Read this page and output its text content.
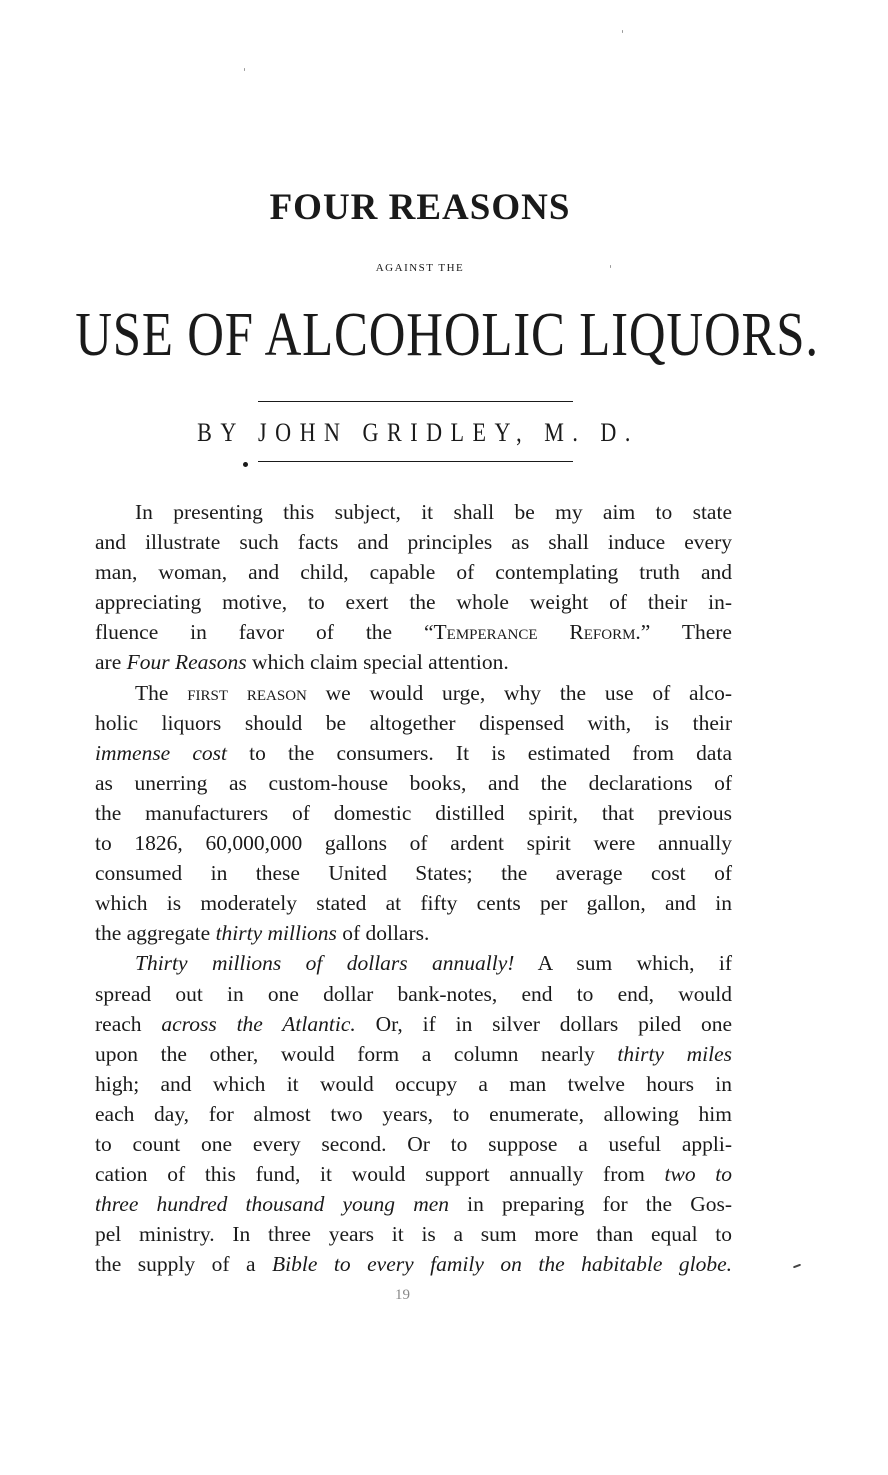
FOUR REASONS
AGAINST THE
USE OF ALCOHOLIC LIQUORS.
BY JOHN GRIDLEY, M. D.
In presenting this subject, it shall be my aim to state
and illustrate such facts and principles as shall induce every
man, woman, and child, capable of contemplating truth and
appreciating motive, to exert the whole weight of their in-
fluence in favor of the “Temperance Reform.” There
are Four Reasons which claim special attention.
The first reason we would urge, why the use of alco-
holic liquors should be altogether dispensed with, is their
immense cost to the consumers. It is estimated from data
as unerring as custom-house books, and the declarations of
the manufacturers of domestic distilled spirit, that previous
to 1826, 60,000,000 gallons of ardent spirit were annually
consumed in these United States; the average cost of
which is moderately stated at fifty cents per gallon, and in
the aggregate thirty millions of dollars.
Thirty millions of dollars annually! A sum which, if
spread out in one dollar bank-notes, end to end, would
reach across the Atlantic. Or, if in silver dollars piled one
upon the other, would form a column nearly thirty miles
high; and which it would occupy a man twelve hours in
each day, for almost two years, to enumerate, allowing him
to count one every second. Or to suppose a useful appli-
cation of this fund, it would support annually from two to
three hundred thousand young men in preparing for the Gos-
pel ministry. In three years it is a sum more than equal to
the supply of a Bible to every family on the habitable globe.
19
